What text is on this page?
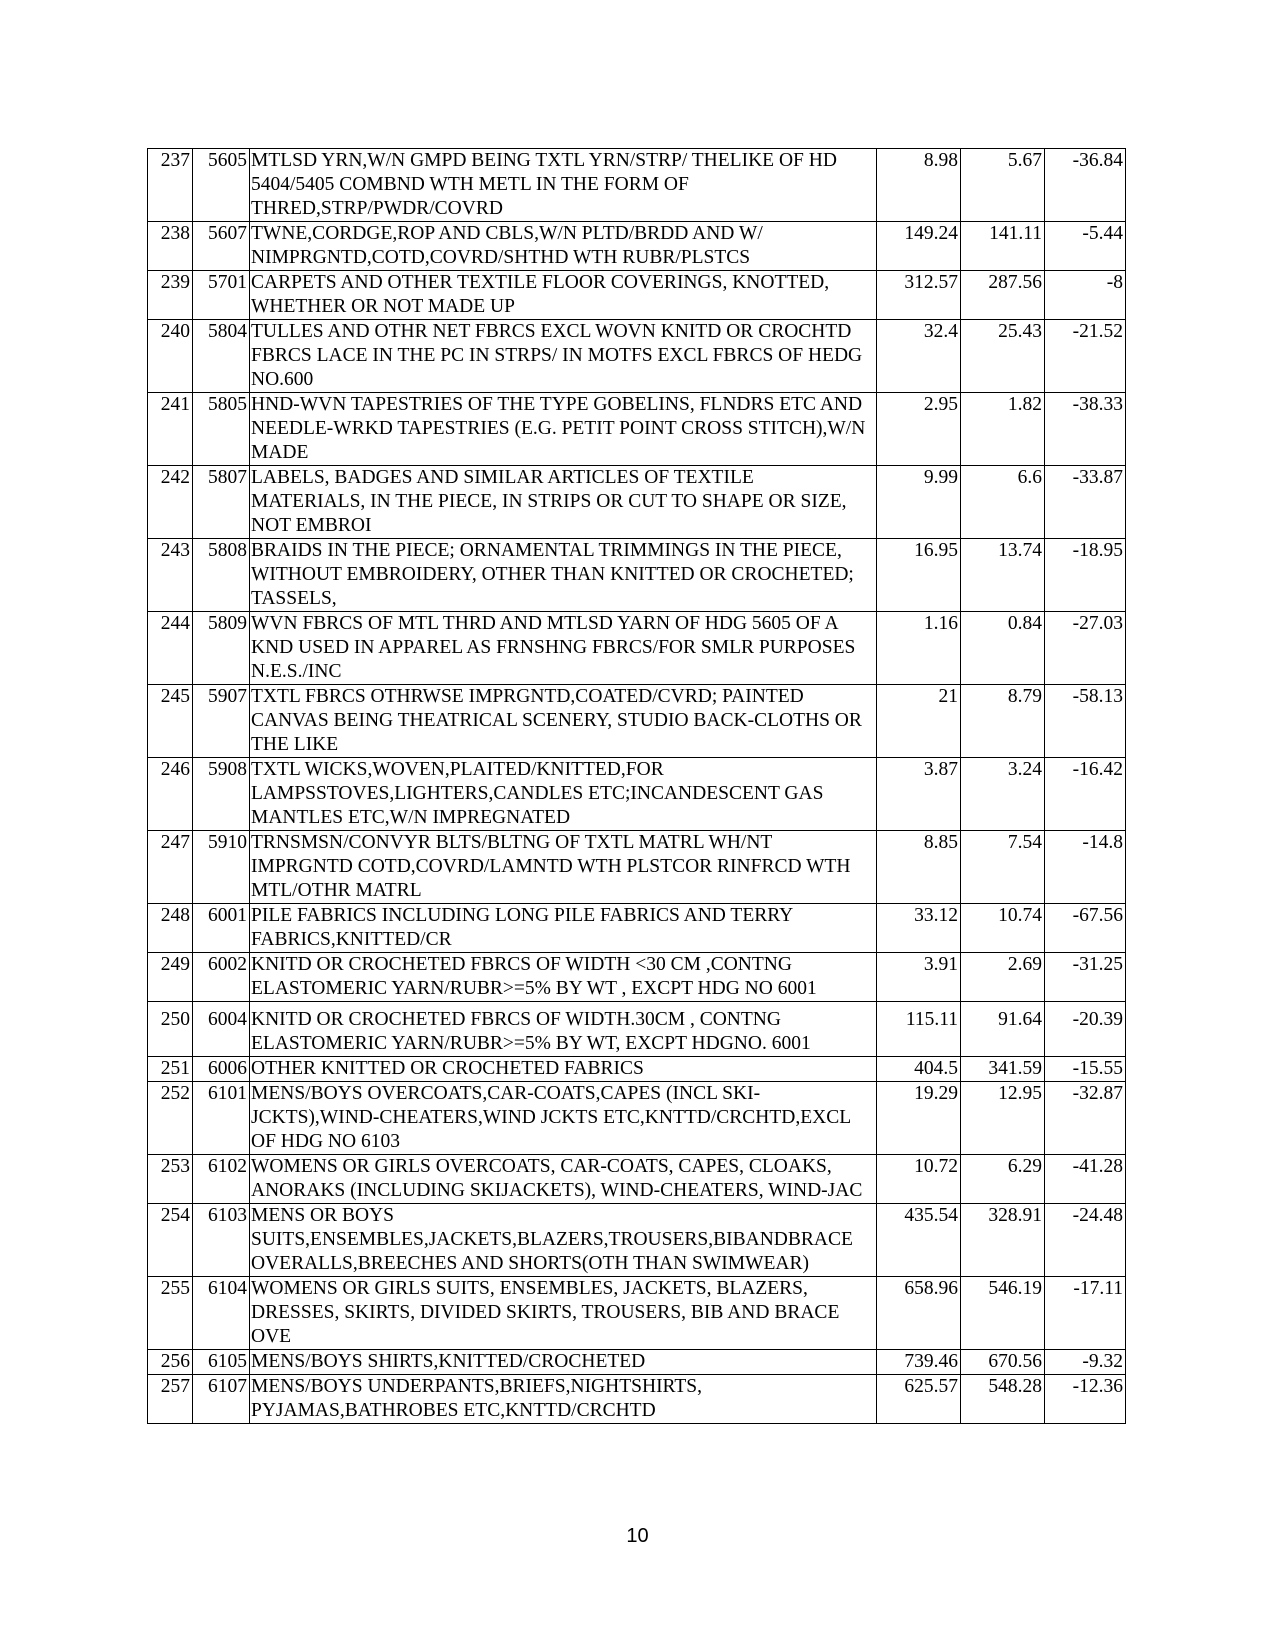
237	5605	MTLSD YRN,W/N GMPD BEING TXTL YRN/STRP/ THELIKE OF HD 5404/5405 COMBND WTH METL IN THE FORM OF THRED,STRP/PWDR/COVRD	8.98	5.67	-36.84
238	5607	TWNE,CORDGE,ROP AND CBLS,W/N PLTD/BRDD AND W/ NIMPRGNTD,COTD,COVRD/SHTHD WTH RUBR/PLSTCS	149.24	141.11	-5.44
239	5701	CARPETS AND OTHER TEXTILE FLOOR COVERINGS, KNOTTED, WHETHER OR NOT MADE UP	312.57	287.56	-8
240	5804	TULLES AND OTHR NET FBRCS EXCL WOVN KNITD OR CROCHTD FBRCS LACE IN THE PC IN STRPS/ IN MOTFS EXCL FBRCS OF HEDG NO.600	32.4	25.43	-21.52
241	5805	HND-WVN TAPESTRIES OF THE TYPE GOBELINS, FLNDRS ETC AND NEEDLE-WRKD TAPESTRIES (E.G. PETIT POINT CROSS STITCH),W/N MADE	2.95	1.82	-38.33
242	5807	LABELS, BADGES AND SIMILAR ARTICLES OF TEXTILE MATERIALS, IN THE PIECE, IN STRIPS OR CUT TO SHAPE OR SIZE, NOT EMBROI	9.99	6.6	-33.87
243	5808	BRAIDS IN THE PIECE; ORNAMENTAL TRIMMINGS IN THE PIECE, WITHOUT EMBROIDERY, OTHER THAN KNITTED OR CROCHETED; TASSELS,	16.95	13.74	-18.95
244	5809	WVN FBRCS OF MTL THRD AND MTLSD YARN OF HDG 5605 OF A KND USED IN APPAREL AS FRNSHNG FBRCS/FOR SMLR PURPOSES N.E.S./INC	1.16	0.84	-27.03
245	5907	TXTL FBRCS OTHRWSE IMPRGNTD,COATED/CVRD; PAINTED CANVAS BEING THEATRICAL SCENERY, STUDIO BACK-CLOTHS OR THE LIKE	21	8.79	-58.13
246	5908	TXTL WICKS,WOVEN,PLAITED/KNITTED,FOR LAMPSSTOVES,LIGHTERS,CANDLES ETC;INCANDESCENT GAS MANTLES ETC,W/N IMPREGNATED	3.87	3.24	-16.42
247	5910	TRNSMSN/CONVYR BLTS/BLTNG OF TXTL MATRL WH/NT IMPRGNTD COTD,COVRD/LAMNTD WTH PLSTCOR RINFRCD WTH MTL/OTHR MATRL	8.85	7.54	-14.8
248	6001	PILE FABRICS INCLUDING LONG PILE FABRICS AND TERRY FABRICS,KNITTED/CR	33.12	10.74	-67.56
249	6002	KNITD OR CROCHETED FBRCS OF WIDTH <30 CM ,CONTNG ELASTOMERIC YARN/RUBR>=5% BY WT , EXCPT HDG NO 6001	3.91	2.69	-31.25
250	6004	KNITD OR CROCHETED FBRCS OF WIDTH.30CM , CONTNG ELASTOMERIC YARN/RUBR>=5% BY WT, EXCPT HDGNO. 6001	115.11	91.64	-20.39
251	6006	OTHER KNITTED OR CROCHETED FABRICS	404.5	341.59	-15.55
252	6101	MENS/BOYS OVERCOATS,CAR-COATS,CAPES (INCL SKI-JCKTS),WIND-CHEATERS,WIND JCKTS ETC,KNTTD/CRCHTD,EXCL OF HDG NO 6103	19.29	12.95	-32.87
253	6102	WOMENS OR GIRLS OVERCOATS, CAR-COATS, CAPES, CLOAKS, ANORAKS (INCLUDING SKIJACKETS), WIND-CHEATERS, WIND-JAC	10.72	6.29	-41.28
254	6103	MENS OR BOYS SUITS,ENSEMBLES,JACKETS,BLAZERS,TROUSERS,BIBANDBRACE OVERALLS,BREECHES AND SHORTS(OTH THAN SWIMWEAR)	435.54	328.91	-24.48
255	6104	WOMENS OR GIRLS SUITS, ENSEMBLES, JACKETS, BLAZERS, DRESSES, SKIRTS, DIVIDED SKIRTS, TROUSERS, BIB AND BRACE OVE	658.96	546.19	-17.11
256	6105	MENS/BOYS SHIRTS,KNITTED/CROCHETED	739.46	670.56	-9.32
257	6107	MENS/BOYS UNDERPANTS,BRIEFS,NIGHTSHIRTS, PYJAMAS,BATHROBES ETC,KNTTD/CRCHTD	625.57	548.28	-12.36
10
